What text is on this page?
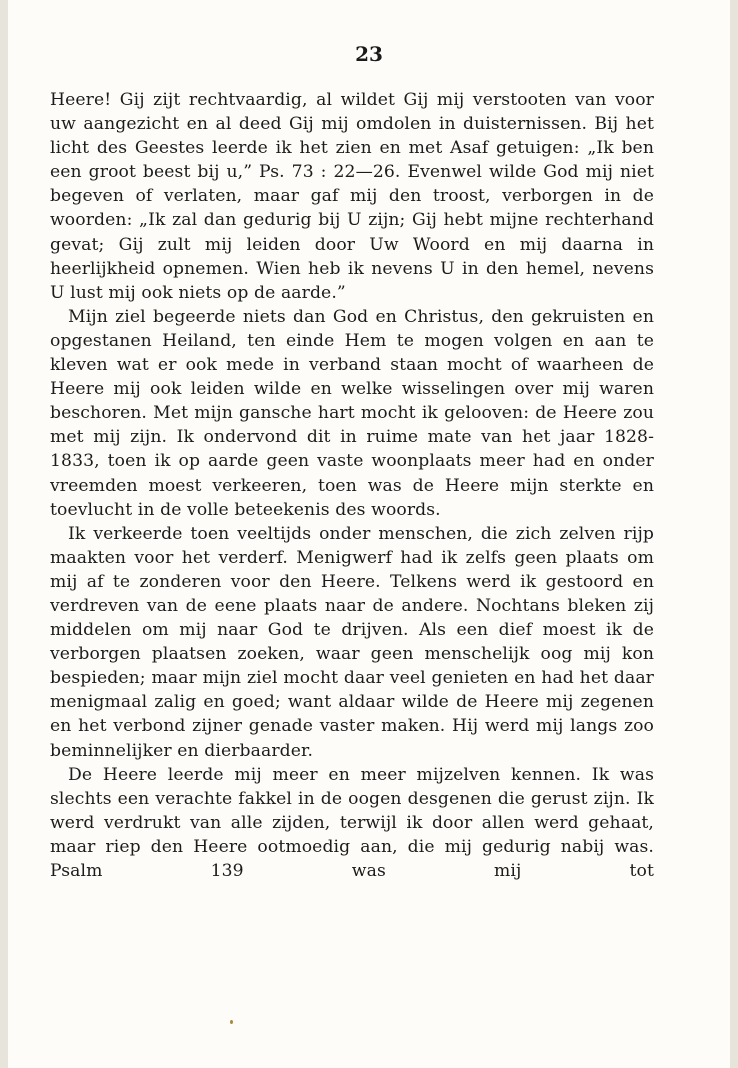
23

Heere! Gij zijt rechtvaardig, al wildet Gij mij verstooten van voor uw aangezicht en al deed Gij mij omdolen in duisternissen. Bij het licht des Geestes leerde ik het zien en met Asaf getuigen: „Ik ben een groot beest bij u,” Ps. 73 : 22—26. Evenwel wilde God mij niet begeven of verlaten, maar gaf mij den troost, verborgen in de woorden: „Ik zal dan gedurig bij U zijn; Gij hebt mijne rechterhand gevat; Gij zult mij leiden door Uw Woord en mij daarna in heerlijkheid opnemen. Wien heb ik nevens U in den hemel, nevens U lust mij ook niets op de aarde.”

Mijn ziel begeerde niets dan God en Christus, den gekruisten en opgestanen Heiland, ten einde Hem te mogen volgen en aan te kleven wat er ook mede in verband staan mocht of waarheen de Heere mij ook leiden wilde en welke wisselingen over mij waren beschoren. Met mijn gansche hart mocht ik gelooven: de Heere zou met mij zijn. Ik ondervond dit in ruime mate van het jaar 1828-1833, toen ik op aarde geen vaste woonplaats meer had en onder vreemden moest verkeeren, toen was de Heere mijn sterkte en toevlucht in de volle beteekenis des woords.

Ik verkeerde toen veeltijds onder menschen, die zich zelven rijp maakten voor het verderf. Menigwerf had ik zelfs geen plaats om mij af te zonderen voor den Heere. Telkens werd ik gestoord en verdreven van de eene plaats naar de andere. Nochtans bleken zij middelen om mij naar God te drijven. Als een dief moest ik de verborgen plaatsen zoeken, waar geen menschelijk oog mij kon bespieden; maar mijn ziel mocht daar veel genieten en had het daar menigmaal zalig en goed; want aldaar wilde de Heere mij zegenen en het verbond zijner genade vaster maken. Hij werd mij langs zoo beminnelijker en dierbaarder.

De Heere leerde mij meer en meer mijzelven kennen. Ik was slechts een verachte fakkel in de oogen desgenen die gerust zijn. Ik werd verdrukt van alle zijden, terwijl ik door allen werd gehaat, maar riep den Heere ootmoedig aan, die mij gedurig nabij was. Psalm 139 was mij tot
